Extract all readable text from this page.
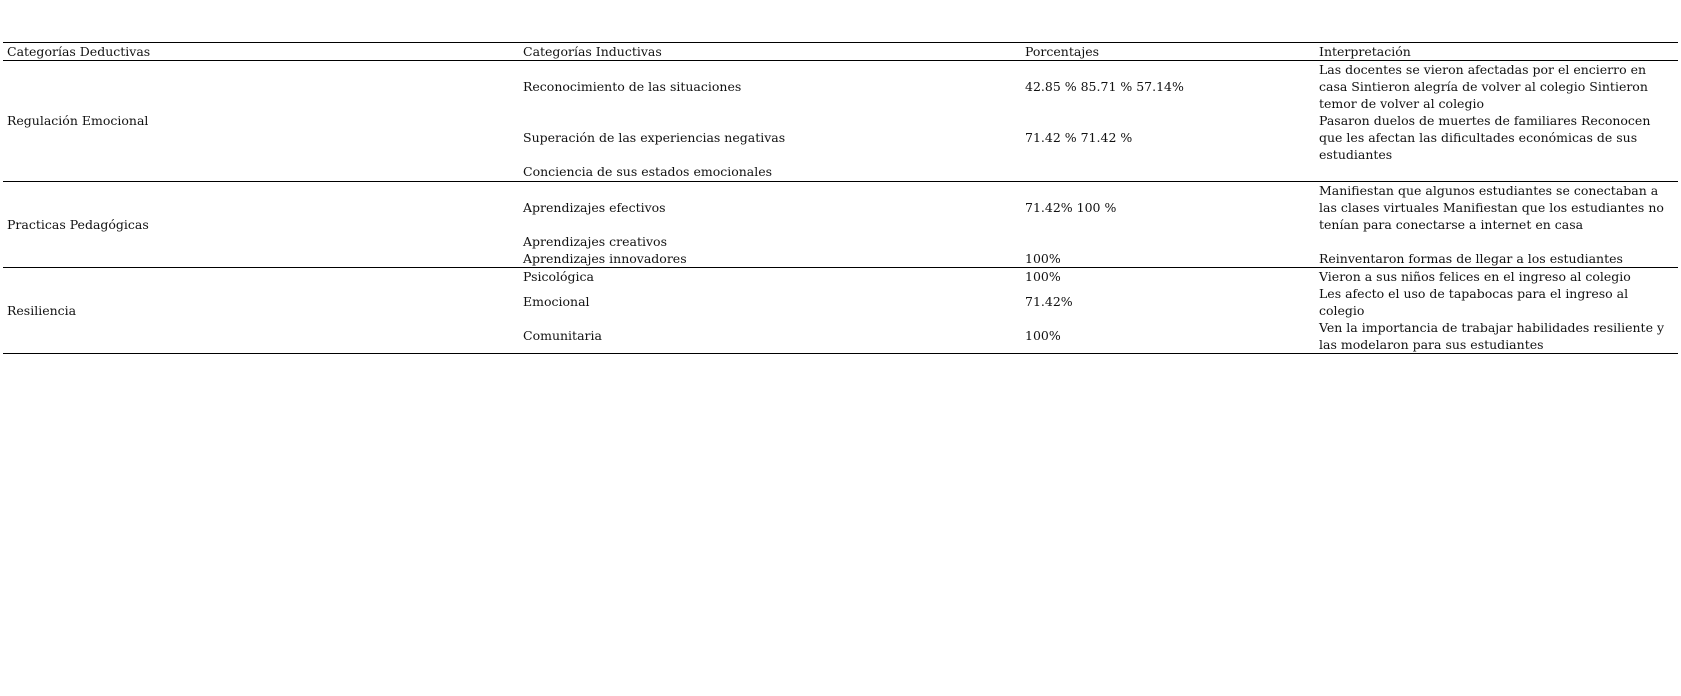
Categorías Deductivas	Categorías Inductivas	Porcentajes	Interpretación
Regulación Emocional	Reconocimiento de las situaciones	42.85 % 85.71 % 57.14%	Las docentes se vieron afectadas por el encierro en casa Sintieron alegría de volver al colegio Sintieron temor de volver al colegio
	Superación de las experiencias negativas	71.42 % 71.42 %	Pasaron duelos de muertes de familiares Reconocen que les afectan las dificultades económicas de sus estudiantes
	Conciencia de sus estados emocionales		
Practicas Pedagógicas	Aprendizajes efectivos	71.42% 100 %	Manifiestan que algunos estudiantes se conectaban a las clases virtuales Manifiestan que los estudiantes no tenían para conectarse a internet en casa
	Aprendizajes creativos		
	Aprendizajes innovadores	100%	Reinventaron formas de llegar a los estudiantes
Resiliencia	Psicológica	100%	Vieron a sus niños felices en el ingreso al colegio
	Emocional	71.42%	Les afecto el uso de tapabocas para el ingreso al colegio
	Comunitaria	100%	Ven la importancia de trabajar habilidades resiliente y las modelaron para sus estudiantes
